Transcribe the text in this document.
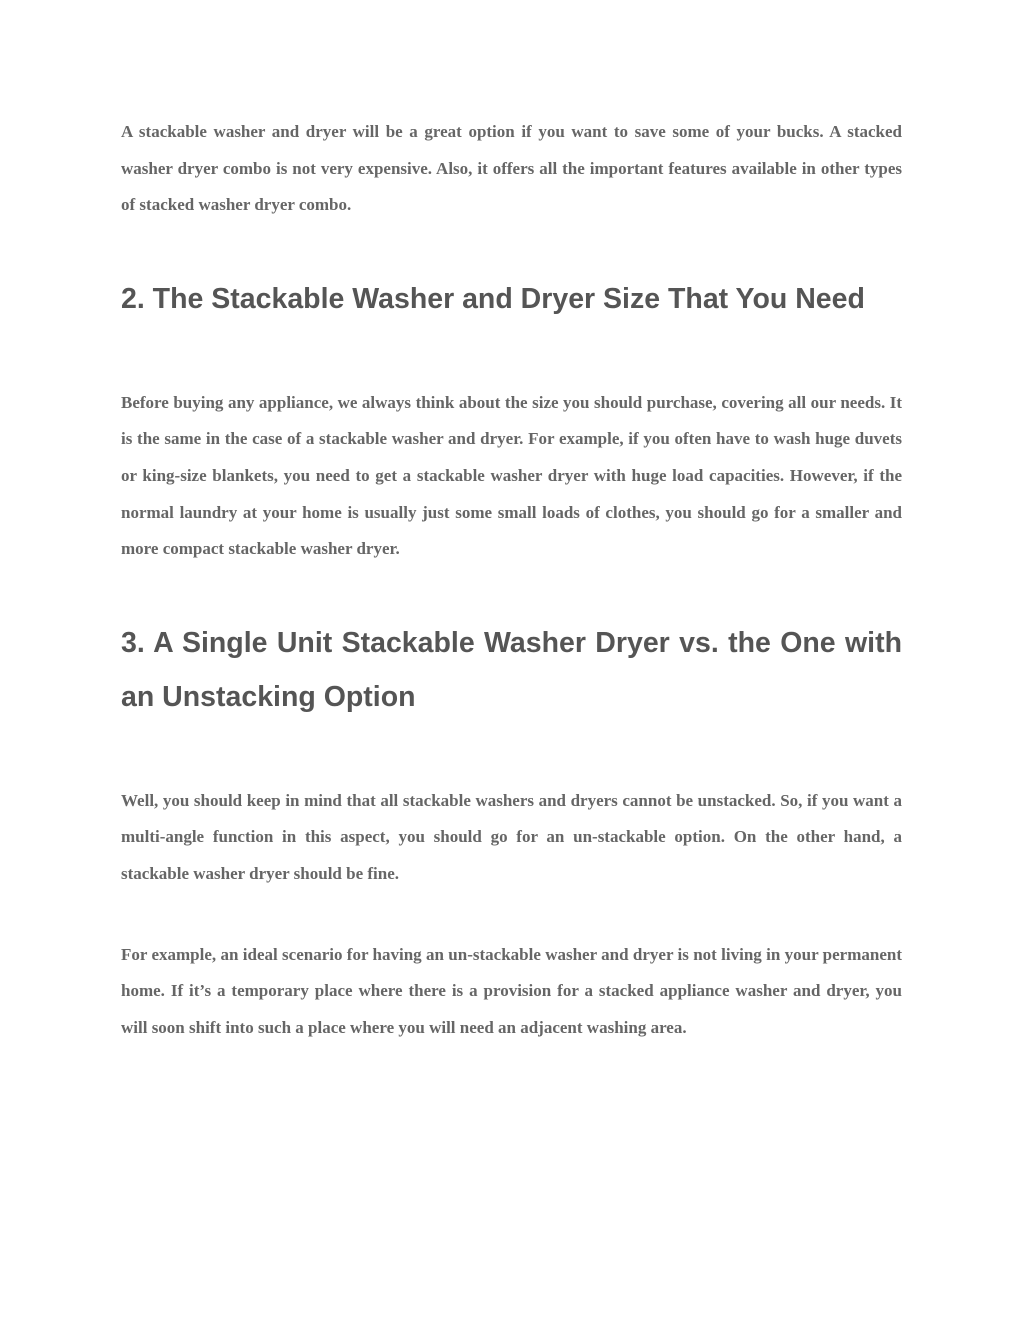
A stackable washer and dryer will be a great option if you want to save some of your bucks. A stacked washer dryer combo is not very expensive. Also, it offers all the important features available in other types of stacked washer dryer combo.

2. The Stackable Washer and Dryer Size That You Need

Before buying any appliance, we always think about the size you should purchase, covering all our needs. It is the same in the case of a stackable washer and dryer. For example, if you often have to wash huge duvets or king-size blankets, you need to get a stackable washer dryer with huge load capacities. However, if the normal laundry at your home is usually just some small loads of clothes, you should go for a smaller and more compact stackable washer dryer.

3. A Single Unit Stackable Washer Dryer vs. the One with an Unstacking Option

Well, you should keep in mind that all stackable washers and dryers cannot be unstacked. So, if you want a multi-angle function in this aspect, you should go for an un-stackable option. On the other hand, a stackable washer dryer should be fine.

For example, an ideal scenario for having an un-stackable washer and dryer is not living in your permanent home. If it’s a temporary place where there is a provision for a stacked appliance washer and dryer, you will soon shift into such a place where you will need an adjacent washing area.
